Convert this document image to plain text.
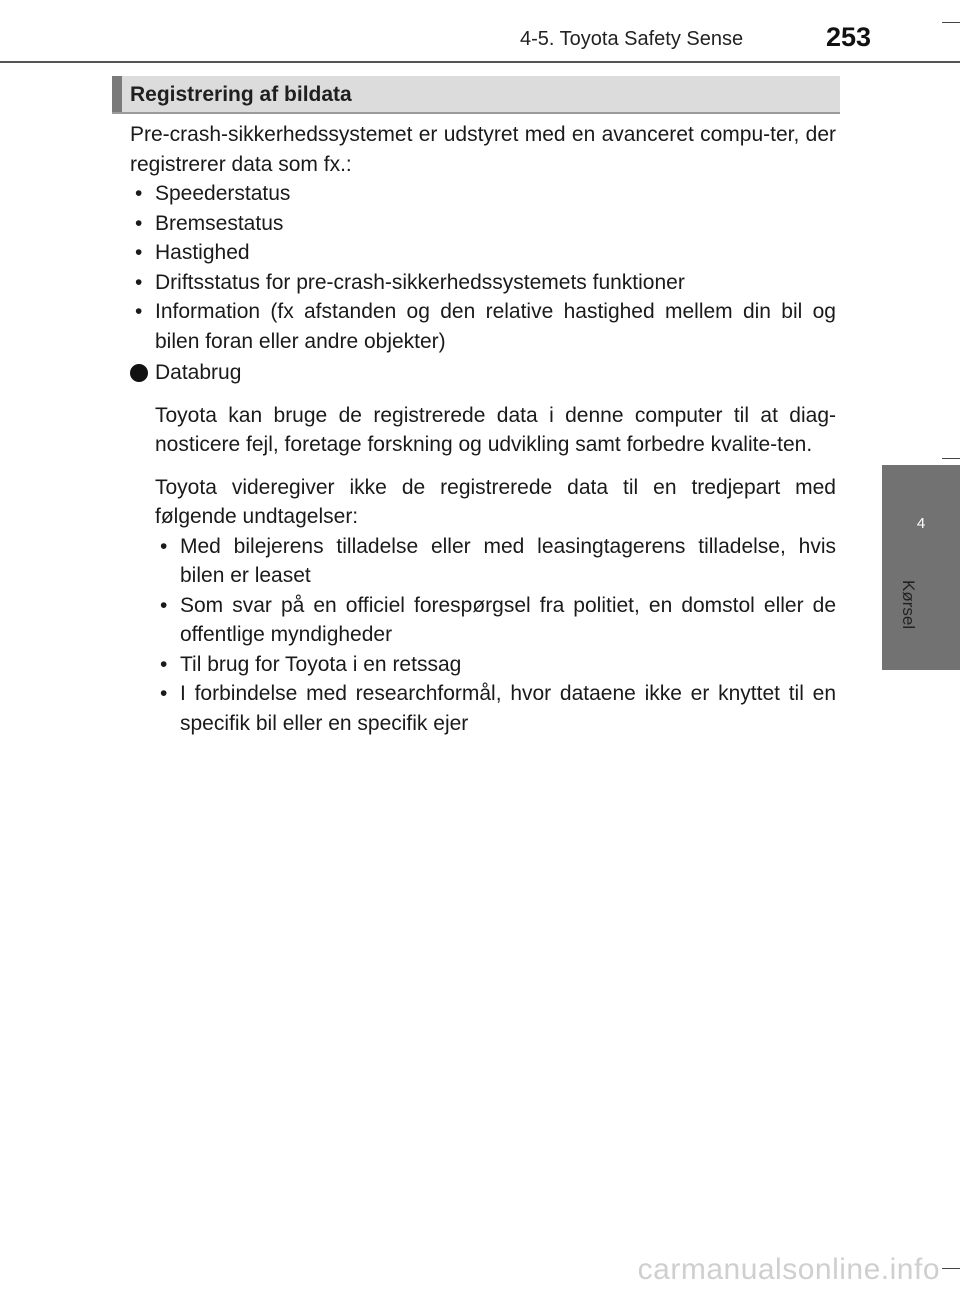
4-5. Toyota Safety Sense	253
4
Kørsel
Registrering af bildata

Pre-crash-sikkerhedssystemet er udstyret med en avanceret compu-ter, der registrerer data som fx.:

• Speederstatus
• Bremsestatus
• Hastighed
• Driftsstatus for pre-crash-sikkerhedssystemets funktioner
• Information (fx afstanden og den relative hastighed mellem din bil og bilen foran eller andre objekter)
Databrug

Toyota kan bruge de registrerede data i denne computer til at diag-nosticere fejl, foretage forskning og udvikling samt forbedre kvalite-ten.

Toyota videregiver ikke de registrerede data til en tredjepart med følgende undtagelser:

• Med bilejerens tilladelse eller med leasingtagerens tilladelse, hvis bilen er leaset
• Som svar på en officiel forespørgsel fra politiet, en domstol eller de offentlige myndigheder
• Til brug for Toyota i en retssag
• I forbindelse med researchformål, hvor dataene ikke er knyttet til en specifik bil eller en specifik ejer
carmanualsonline.info
